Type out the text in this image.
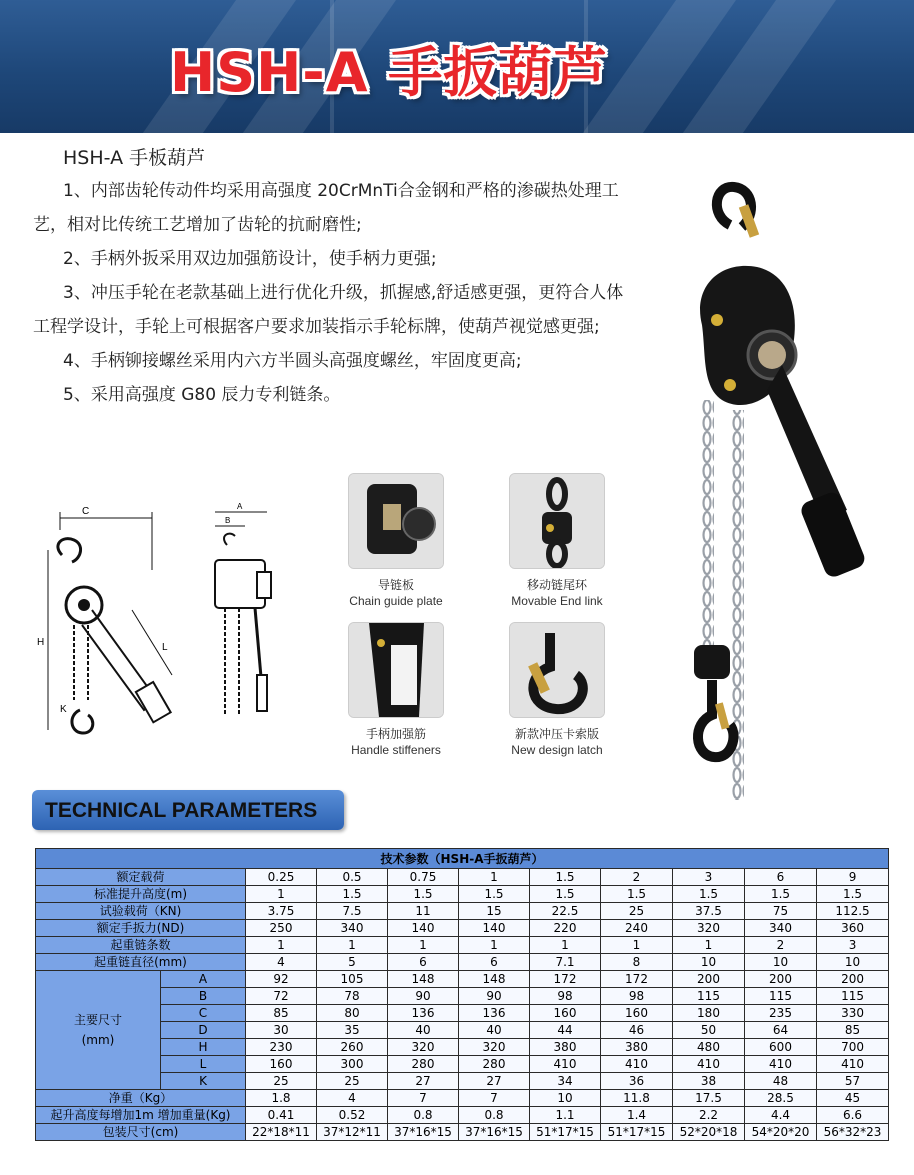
HSH-A 手扳葫芦
HSH-A 手板葫芦

1、内部齿轮传动件均采用高强度 20CrMnTi合金钢和严格的渗碳热处理工艺，相对比传统工艺增加了齿轮的抗耐磨性;

2、手柄外扳采用双边加强筋设计，使手柄力更强;

3、冲压手轮在老款基础上进行优化升级，抓握感,舒适感更强，更符合人体工程学设计，手轮上可根据客户要求加装指示手轮标牌，使葫芦视觉感更强;

4、手柄铆接螺丝采用内六方半圆头高强度螺丝，牢固度更高;

5、采用高强度 G80 辰力专利链条。

C
H
K
L
A
B
导链板
Chain guide plate
移动链尾环
Movable End link
手柄加强筋
Handle stiffeners
新款冲压卡索版
New design latch
TECHNICAL PARAMETERS
技术参数（HSH-A手扳葫芦）										
额定载荷		0.25	0.5	0.75	1	1.5	2	3	6	9
标准提升高度(m)		1	1.5	1.5	1.5	1.5	1.5	1.5	1.5	1.5
试验载荷（KN)		3.75	7.5	11	15	22.5	25	37.5	75	112.5
额定手扳力(ND)		250	340	140	140	220	240	320	340	360
起重链条数		1	1	1	1	1	1	1	2	3
起重链直径(mm)		4	5	6	6	7.1	8	10	10	10
主要尺寸
(mm)	A	92	105	148	148	172	172	200	200	200
	B	72	78	90	90	98	98	115	115	115
	C	85	80	136	136	160	160	180	235	330
	D	30	35	40	40	44	46	50	64	85
	H	230	260	320	320	380	380	480	600	700
	L	160	300	280	280	410	410	410	410	410
	K	25	25	27	27	34	36	38	48	57
净重（Kg）		1.8	4	7	7	10	11.8	17.5	28.5	45
起升高度每增加1m 增加重量(Kg)		0.41	0.52	0.8	0.8	1.1	1.4	2.2	4.4	6.6
包装尺寸(cm)		22*18*11	37*12*11	37*16*15	37*16*15	51*17*15	51*17*15	52*20*18	54*20*20	56*32*23
